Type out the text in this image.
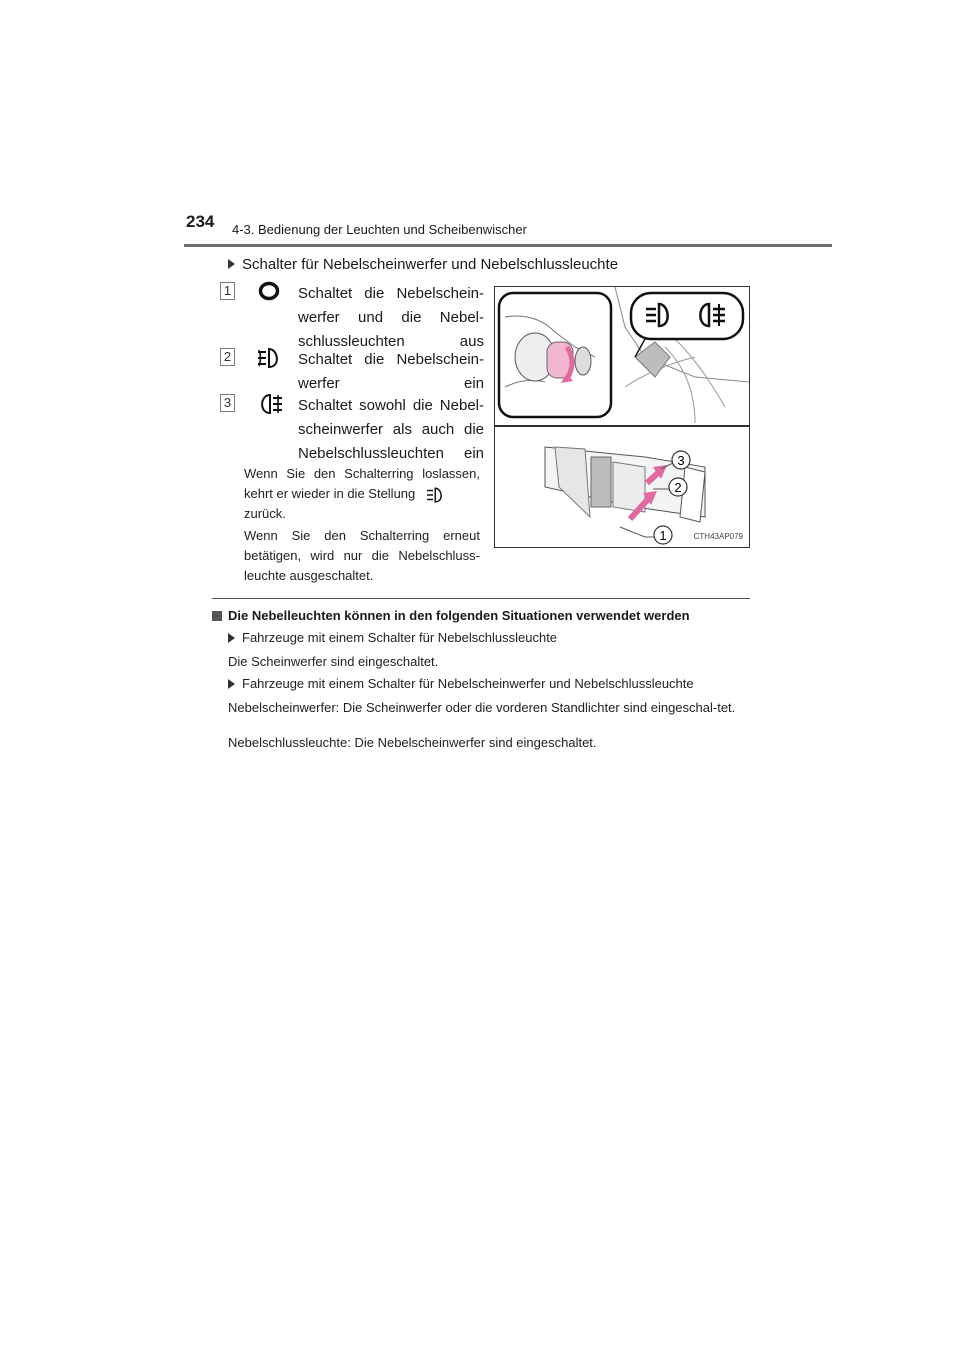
234 4-3. Bedienung der Leuchten und Scheibenwischer
Schalter für Nebelscheinwerfer und Nebelschlussleuchte
1	Schaltet die Nebelschein-werfer und die Nebel-schlussleuchten aus
2	Schaltet die Nebelschein-werfer ein
3	Schaltet sowohl die Nebel-scheinwerfer als auch die Nebelschlussleuchten ein
Wenn Sie den Schalterring loslassen, kehrt er wieder in die Stellung
zurück.
Wenn Sie den Schalterring erneut betätigen, wird nur die Nebelschluss-leuchte ausgeschaltet.
3
2
1	CTH43AP079
Die Nebelleuchten können in den folgenden Situationen verwendet werden
Fahrzeuge mit einem Schalter für Nebelschlussleuchte
Die Scheinwerfer sind eingeschaltet.
Fahrzeuge mit einem Schalter für Nebelscheinwerfer und Nebelschlussleuchte
Nebelscheinwerfer: Die Scheinwerfer oder die vorderen Standlichter sind eingeschal-tet.
Nebelschlussleuchte: Die Nebelscheinwerfer sind eingeschaltet.
